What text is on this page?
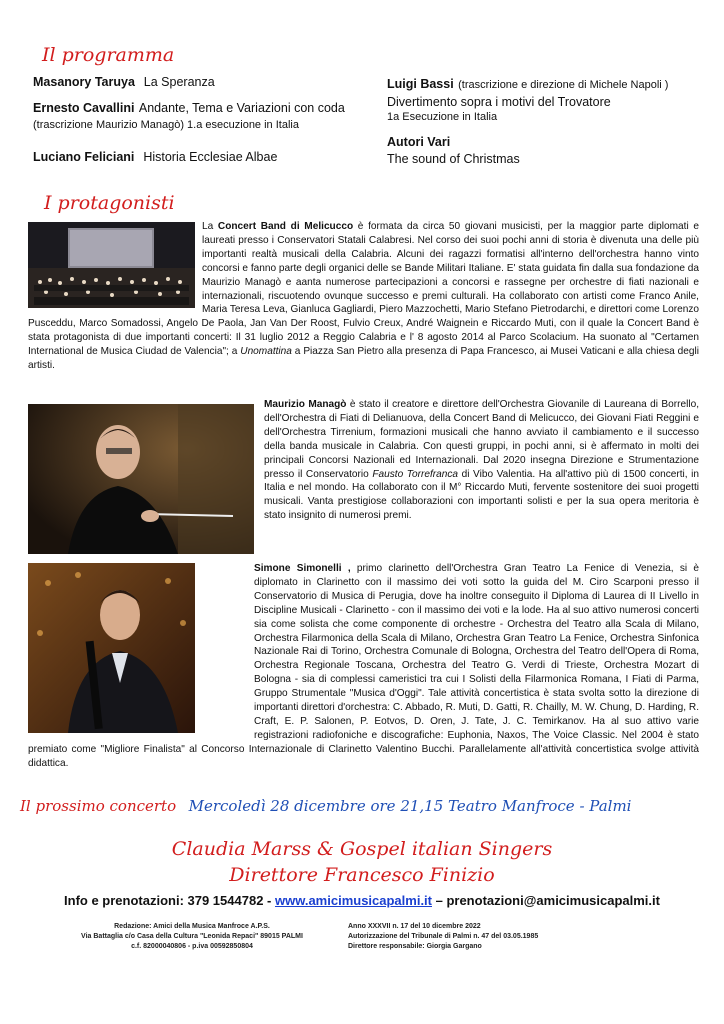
Il programma
Masanory Taruya La Speranza
Ernesto Cavallini Andante, Tema e Variazioni con coda
(trascrizione Maurizio Managò) 1.a esecuzione in Italia
Luciano Feliciani Historia Ecclesiae Albae
Luigi Bassi (trascrizione e direzione di Michele Napoli )
Divertimento sopra i motivi del Trovatore
1a Esecuzione in Italia
Autori Vari
The sound of Christmas
I protagonisti

La Concert Band di Melicucco è formata da circa 50 giovani musicisti, per la maggior parte diplomati e laureati presso i Conservatori Statali Calabresi. Nel corso dei suoi pochi anni di storia è divenuta una delle più importanti realtà musicali della Calabria. Alcuni dei ragazzi formatisi all'interno dell'orchestra hanno vinto concorsi e fanno parte degli organici delle se Bande Militari Italiane. E' stata guidata fin dalla sua fondazione da Maurizio Managò e aanta numerose partecipazioni a concorsi e rassegne per orchestre di fiati nazionali e internazionali, riscuotendo ovunque successo e premi culturali. Ha collaborato con artisti come Franco Anile, Maria Teresa Leva, Gianluca Gagliardi, Piero Mazzochetti, Mario Stefano Pietrodarchi, e direttori come Lorenzo Pusceddu, Marco Somadossi, Angelo De Paola, Jan Van Der Roost, Fulvio Creux, André Waignein e Riccardo Muti, con il quale la Concert Band è stata protagonista di due importanti concerti: Il 31 luglio 2012 a Reggio Calabria e l' 8 agosto 2014 al Parco Scolacium. Ha suonato al "Certamen International de Musica Ciudad de Valencia"; a Unomattina a Piazza San Pietro alla presenza di Papa Francesco, ai Musei Vaticani e alla chiesa degli artisti.

Maurizio Managò è stato il creatore e direttore dell'Orchestra Giovanile di Laureana di Borrello, dell'Orchestra di Fiati di Delianuova, della Concert Band di Melicucco, dei Giovani Fiati Reggini e dell'Orchestra Tirrenium, formazioni musicali che hanno avviato il cambiamento e il successo della banda musicale in Calabria. Con questi gruppi, in pochi anni, si è affermato in molti dei principali Concorsi Nazionali ed Internazionali. Dal 2020 insegna Direzione e Strumentazione presso il Conservatorio Fausto Torrefranca di Vibo Valentia. Ha all'attivo più di 1500 concerti, in Italia e nel mondo. Ha collaborato con il M° Riccardo Muti, fervente sostenitore dei suoi progetti musicali. Vanta prestigiose collaborazioni con importanti solisti e per la sua opera meritoria è stato insignito di numerosi premi.

Simone Simonelli , primo clarinetto dell'Orchestra Gran Teatro La Fenice di Venezia, si è diplomato in Clarinetto con il massimo dei voti sotto la guida del M. Ciro Scarponi presso il Conservatorio di Musica di Perugia, dove ha inoltre conseguito il Diploma di Laurea di II Livello in Discipline Musicali - Clarinetto - con il massimo dei voti e la lode. Ha al suo attivo numerosi concerti sia come solista che come componente di orchestre - Orchestra del Teatro alla Scala di Milano, Orchestra Filarmonica della Scala di Milano, Orchestra Gran Teatro La Fenice, Orchestra Sinfonica Nazionale Rai di Torino, Orchestra Comunale di Bologna, Orchestra del Teatro dell'Opera di Roma, Orchestra Regionale Toscana, Orchestra del Teatro G. Verdi di Trieste, Orchestra Mozart di Bologna - sia di complessi cameristici tra cui I Solisti della Filarmonica Romana, I Fiati di Parma, Gruppo Strumentale "Musica d'Oggi". Tale attività concertistica è stata svolta sotto la direzione di importanti direttori d'orchestra: C. Abbado, R. Muti, D. Gatti, R. Chailly, M. W. Chung, D. Harding, R. Craft, E. P. Salonen, P. Eotvos, D. Oren, J. Tate, J. C. Temirkanov. Ha al suo attivo varie registrazioni radiofoniche e discografiche: Euphonia, Naxos, The Voice Classic. Nel 2004 è stato premiato come "Migliore Finalista" al Concorso Internazionale di Clarinetto Valentino Bucchi. Parallelamente all'attività concertistica svolge attività didattica.

Il prossimo concerto Mercoledì 28 dicembre ore 21,15 Teatro Manfroce - Palmi
Claudia Marss & Gospel italian Singers
Direttore Francesco Finizio
Info e prenotazioni: 379 1544782 - www.amicimusicapalmi.it – prenotazioni@amicimusicapalmi.it
Redazione: Amici della Musica Manfroce A.P.S.
Via Battaglia c/o Casa della Cultura "Leonida Repaci" 89015 PALMI
c.f. 82000040806 - p.iva 00592850804
Anno XXXVII n. 17 del 10 dicembre 2022
Autorizzazione del Tribunale di Palmi n. 47 del 03.05.1985
Direttore responsabile: Giorgia Gargano
